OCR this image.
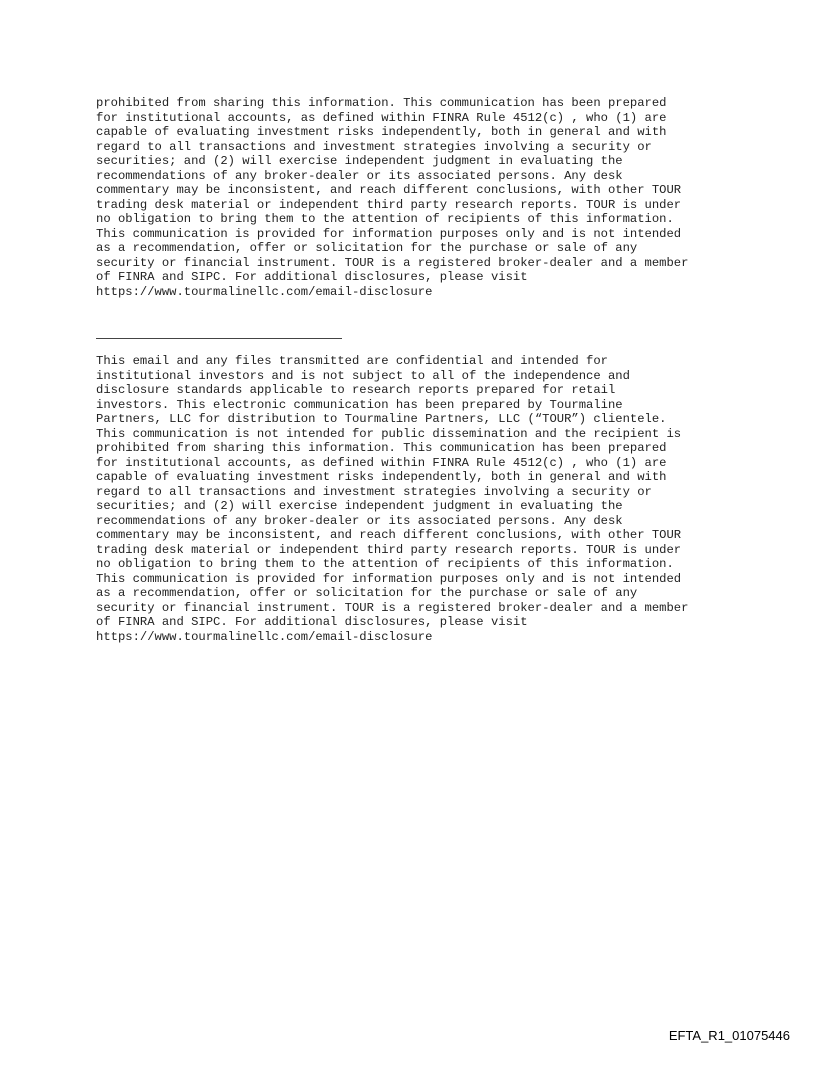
prohibited from sharing this information. This communication has been prepared
for institutional accounts, as defined within FINRA Rule 4512(c) , who (1) are
capable of evaluating investment risks independently, both in general and with
regard to all transactions and investment strategies involving a security or
securities; and (2) will exercise independent judgment in evaluating the
recommendations of any broker-dealer or its associated persons. Any desk
commentary may be inconsistent, and reach different conclusions, with other TOUR
trading desk material or independent third party research reports. TOUR is under
no obligation to bring them to the attention of recipients of this information.
This communication is provided for information purposes only and is not intended
as a recommendation, offer or solicitation for the purchase or sale of any
security or financial instrument. TOUR is a registered broker-dealer and a member
of FINRA and SIPC. For additional disclosures, please visit
https://www.tourmalinellc.com/email-disclosure
This email and any files transmitted are confidential and intended for
institutional investors and is not subject to all of the independence and
disclosure standards applicable to research reports prepared for retail
investors. This electronic communication has been prepared by Tourmaline
Partners, LLC for distribution to Tourmaline Partners, LLC (“TOUR”) clientele.
This communication is not intended for public dissemination and the recipient is
prohibited from sharing this information. This communication has been prepared
for institutional accounts, as defined within FINRA Rule 4512(c) , who (1) are
capable of evaluating investment risks independently, both in general and with
regard to all transactions and investment strategies involving a security or
securities; and (2) will exercise independent judgment in evaluating the
recommendations of any broker-dealer or its associated persons. Any desk
commentary may be inconsistent, and reach different conclusions, with other TOUR
trading desk material or independent third party research reports. TOUR is under
no obligation to bring them to the attention of recipients of this information.
This communication is provided for information purposes only and is not intended
as a recommendation, offer or solicitation for the purchase or sale of any
security or financial instrument. TOUR is a registered broker-dealer and a member
of FINRA and SIPC. For additional disclosures, please visit
https://www.tourmalinellc.com/email-disclosure
EFTA_R1_01075446
